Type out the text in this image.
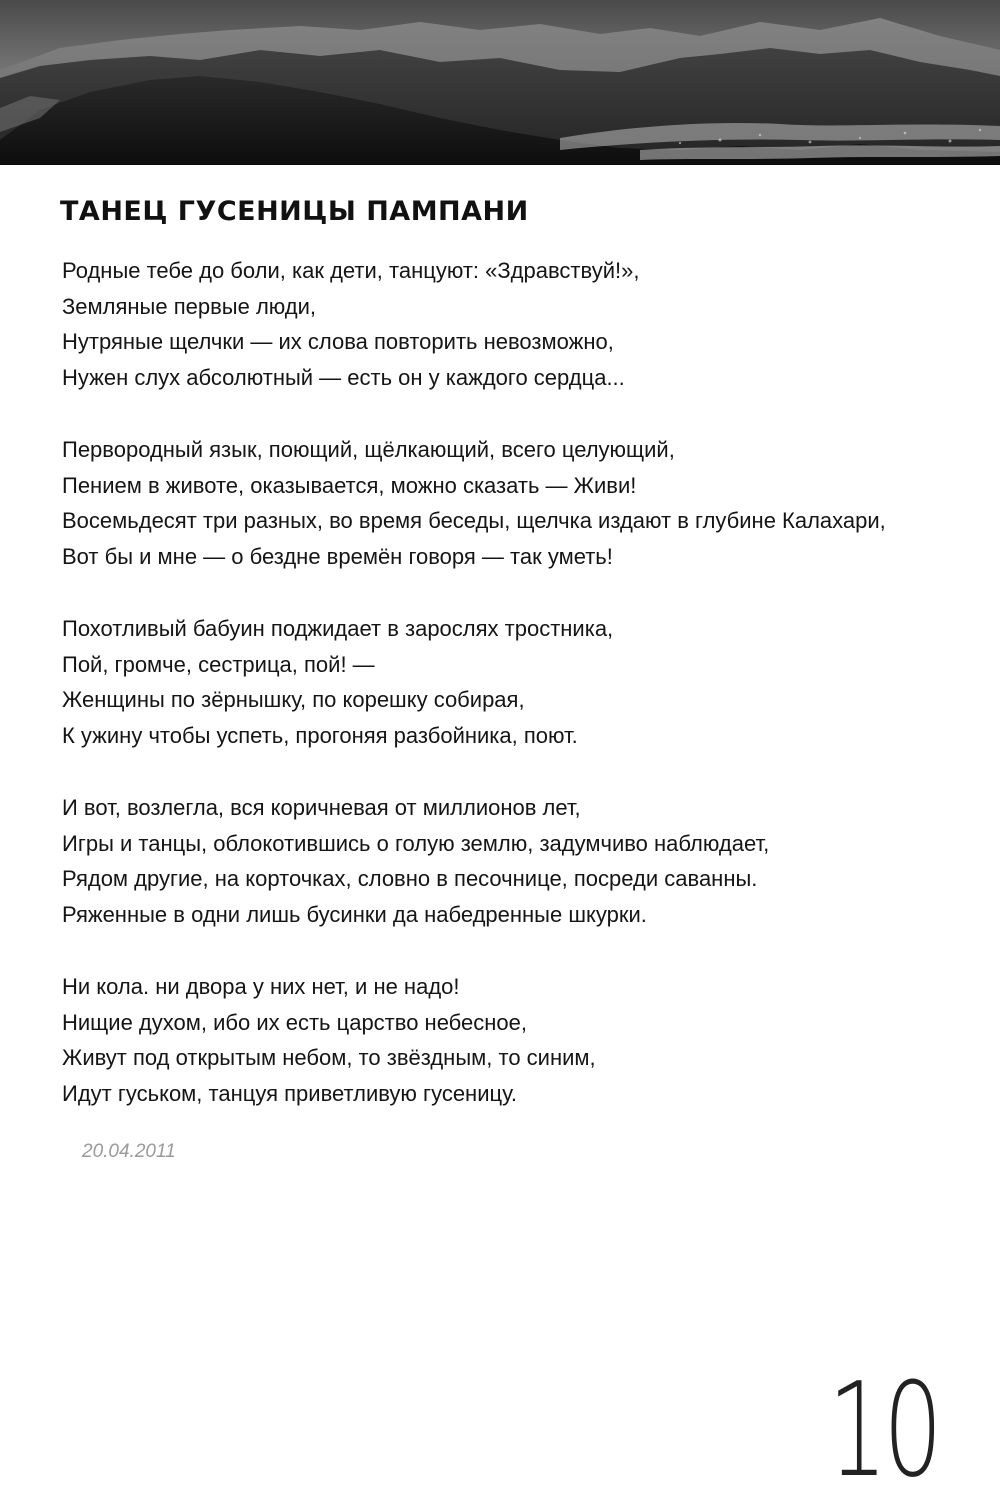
ТАНЕЦ ГУСЕНИЦЫ ПАМПАНИ
Родные тебе до боли, как дети, танцуют: «Здравствуй!»,
Земляные первые люди,
Нутряные щелчки — их слова повторить невозможно,
Нужен слух абсолютный — есть он у каждого сердца...
Первородный язык, поющий, щёлкающий, всего целующий,
Пением в животе, оказывается, можно сказать — Живи!
Восемьдесят три разных, во время беседы, щелчка издают в глубине Калахари,
Вот бы и мне — о бездне времён говоря — так уметь!
Похотливый бабуин поджидает в зарослях тростника,
Пой, громче, сестрица, пой! —
Женщины по зёрнышку, по корешку собирая,
К ужину чтобы успеть, прогоняя разбойника, поют.
И вот, возлегла, вся коричневая от миллионов лет,
Игры и танцы, облокотившись о голую землю, задумчиво наблюдает,
Рядом другие, на корточках, словно в песочнице, посреди саванны.
Ряженные в одни лишь бусинки да набедренные шкурки.
Ни кола. ни двора у них нет, и не надо!
Нищие духом, ибо их есть царство небесное,
Живут под открытым небом, то звёздным, то синим,
Идут гуськом, танцуя приветливую гусеницу.
20.04.2011
10
